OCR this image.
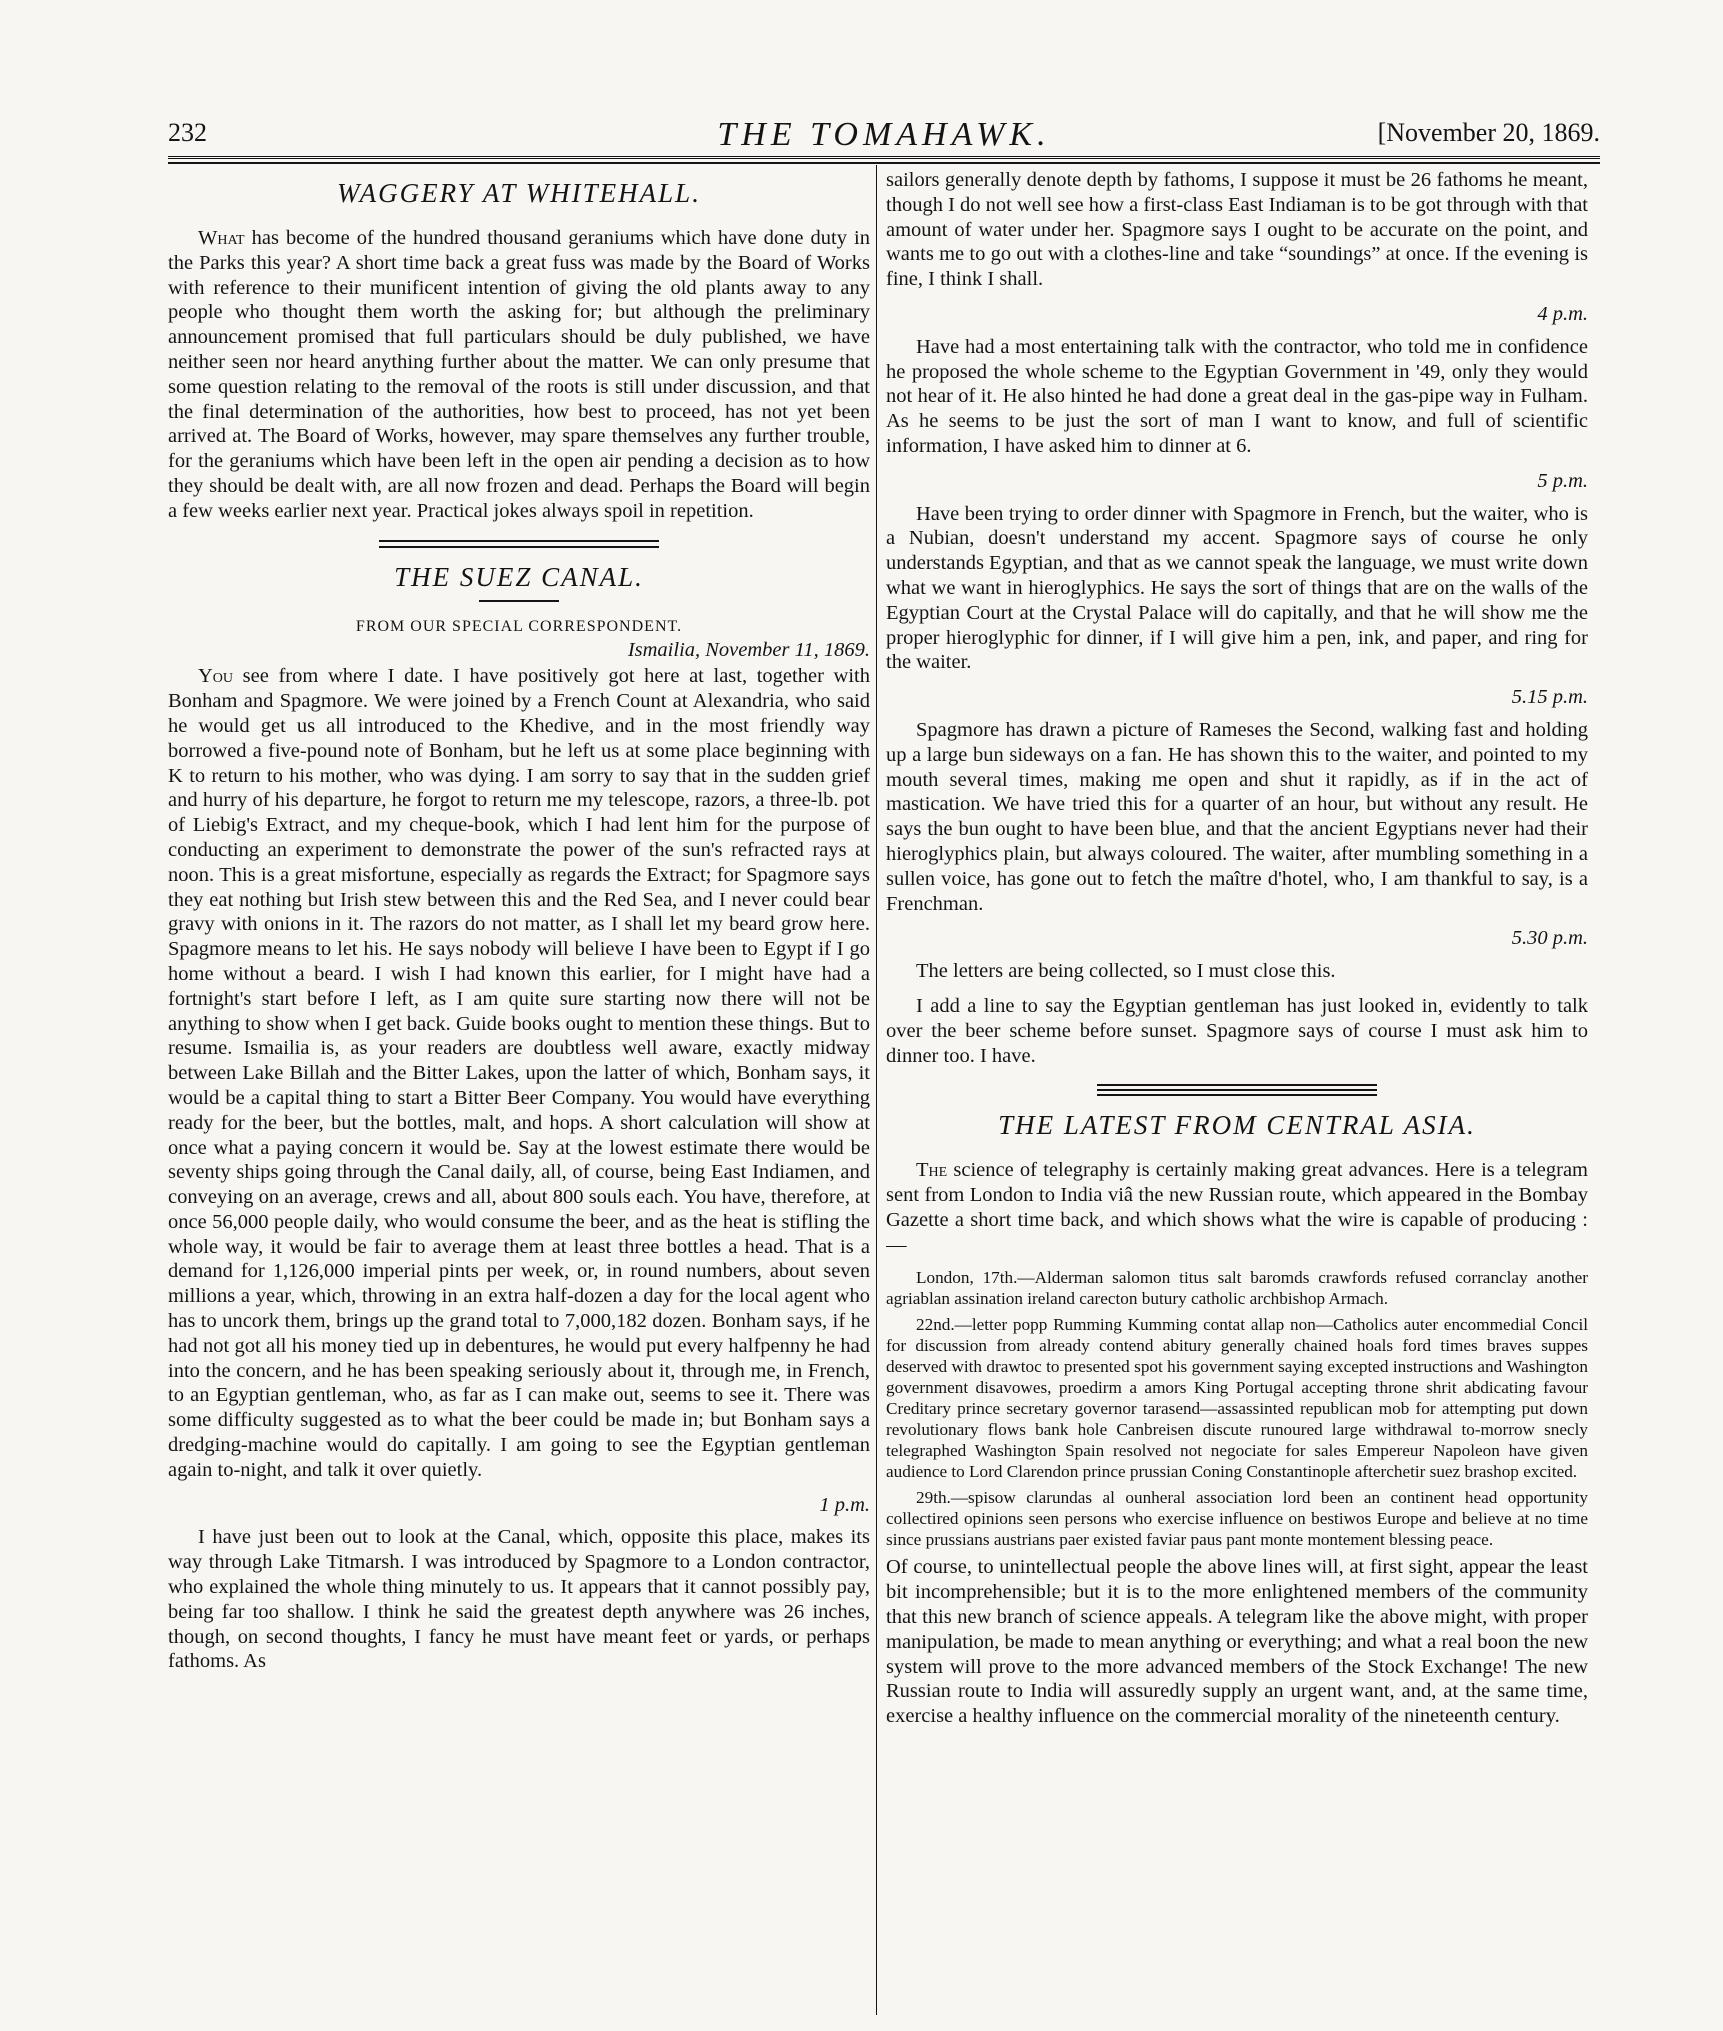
232	THE TOMAHAWK.	[November 20, 1869.
WAGGERY AT WHITEHALL.

What has become of the hundred thousand geraniums which have done duty in the Parks this year? A short time back a great fuss was made by the Board of Works with reference to their munificent intention of giving the old plants away to any people who thought them worth the asking for; but although the preliminary announcement promised that full particulars should be duly published, we have neither seen nor heard anything further about the matter. We can only presume that some question relating to the removal of the roots is still under discussion, and that the final determination of the authorities, how best to proceed, has not yet been arrived at. The Board of Works, however, may spare themselves any further trouble, for the geraniums which have been left in the open air pending a decision as to how they should be dealt with, are all now frozen and dead. Perhaps the Board will begin a few weeks earlier next year. Practical jokes always spoil in repetition.

THE SUEZ CANAL.
FROM OUR SPECIAL CORRESPONDENT.
Ismailia, November 11, 1869.

You see from where I date. I have positively got here at last, together with Bonham and Spagmore. We were joined by a French Count at Alexandria, who said he would get us all introduced to the Khedive, and in the most friendly way borrowed a five-pound note of Bonham, but he left us at some place beginning with K to return to his mother, who was dying. I am sorry to say that in the sudden grief and hurry of his departure, he forgot to return me my telescope, razors, a three-lb. pot of Liebig's Extract, and my cheque-book, which I had lent him for the purpose of conducting an experiment to demonstrate the power of the sun's refracted rays at noon. This is a great misfortune, especially as regards the Extract; for Spagmore says they eat nothing but Irish stew between this and the Red Sea, and I never could bear gravy with onions in it. The razors do not matter, as I shall let my beard grow here. Spagmore means to let his. He says nobody will believe I have been to Egypt if I go home without a beard. I wish I had known this earlier, for I might have had a fortnight's start before I left, as I am quite sure starting now there will not be anything to show when I get back. Guide books ought to mention these things. But to resume. Ismailia is, as your readers are doubtless well aware, exactly midway between Lake Billah and the Bitter Lakes, upon the latter of which, Bonham says, it would be a capital thing to start a Bitter Beer Company. You would have everything ready for the beer, but the bottles, malt, and hops. A short calculation will show at once what a paying concern it would be. Say at the lowest estimate there would be seventy ships going through the Canal daily, all, of course, being East Indiamen, and conveying on an average, crews and all, about 800 souls each. You have, therefore, at once 56,000 people daily, who would consume the beer, and as the heat is stifling the whole way, it would be fair to average them at least three bottles a head. That is a demand for 1,126,000 imperial pints per week, or, in round numbers, about seven millions a year, which, throwing in an extra half-dozen a day for the local agent who has to uncork them, brings up the grand total to 7,000,182 dozen. Bonham says, if he had not got all his money tied up in debentures, he would put every halfpenny he had into the concern, and he has been speaking seriously about it, through me, in French, to an Egyptian gentleman, who, as far as I can make out, seems to see it. There was some difficulty suggested as to what the beer could be made in; but Bonham says a dredging-machine would do capitally. I am going to see the Egyptian gentleman again to-night, and talk it over quietly.

1 p.m.

I have just been out to look at the Canal, which, opposite this place, makes its way through Lake Titmarsh. I was introduced by Spagmore to a London contractor, who explained the whole thing minutely to us. It appears that it cannot possibly pay, being far too shallow. I think he said the greatest depth anywhere was 26 inches, though, on second thoughts, I fancy he must have meant feet or yards, or perhaps fathoms. As

sailors generally denote depth by fathoms, I suppose it must be 26 fathoms he meant, though I do not well see how a first-class East Indiaman is to be got through with that amount of water under her. Spagmore says I ought to be accurate on the point, and wants me to go out with a clothes-line and take “soundings” at once. If the evening is fine, I think I shall.

4 p.m.

Have had a most entertaining talk with the contractor, who told me in confidence he proposed the whole scheme to the Egyptian Government in '49, only they would not hear of it. He also hinted he had done a great deal in the gas-pipe way in Fulham. As he seems to be just the sort of man I want to know, and full of scientific information, I have asked him to dinner at 6.

5 p.m.

Have been trying to order dinner with Spagmore in French, but the waiter, who is a Nubian, doesn't understand my accent. Spagmore says of course he only understands Egyptian, and that as we cannot speak the language, we must write down what we want in hieroglyphics. He says the sort of things that are on the walls of the Egyptian Court at the Crystal Palace will do capitally, and that he will show me the proper hieroglyphic for dinner, if I will give him a pen, ink, and paper, and ring for the waiter.

5.15 p.m.

Spagmore has drawn a picture of Rameses the Second, walking fast and holding up a large bun sideways on a fan. He has shown this to the waiter, and pointed to my mouth several times, making me open and shut it rapidly, as if in the act of mastication. We have tried this for a quarter of an hour, but without any result. He says the bun ought to have been blue, and that the ancient Egyptians never had their hieroglyphics plain, but always coloured. The waiter, after mumbling something in a sullen voice, has gone out to fetch the maître d'hotel, who, I am thankful to say, is a Frenchman.

5.30 p.m.

The letters are being collected, so I must close this.

I add a line to say the Egyptian gentleman has just looked in, evidently to talk over the beer scheme before sunset. Spagmore says of course I must ask him to dinner too. I have.

THE LATEST FROM CENTRAL ASIA.

The science of telegraphy is certainly making great advances. Here is a telegram sent from London to India viâ the new Russian route, which appeared in the Bombay Gazette a short time back, and which shows what the wire is capable of producing :—

London, 17th.—Alderman salomon titus salt baromds crawfords refused corranclay another agriablan assination ireland carecton butury catholic archbishop Armach.

22nd.—letter popp Rumming Kumming contat allap non—Catholics auter encommedial Concil for discussion from already contend abitury generally chained hoals ford times braves suppes deserved with drawtoc to presented spot his government saying excepted instructions and Washington government disavowes, proedirm a amors King Portugal accepting throne shrit abdicating favour Creditary prince secretary governor tarasend—assassinted republican mob for attempting put down revolutionary flows bank hole Canbreisen discute runoured large withdrawal to-morrow snecly telegraphed Washington Spain resolved not negociate for sales Empereur Napoleon have given audience to Lord Clarendon prince prussian Coning Constantinople afterchetir suez brashop excited.

29th.—spisow clarundas al ounheral association lord been an continent head opportunity collectired opinions seen persons who exercise influence on bestiwos Europe and believe at no time since prussians austrians paer existed faviar paus pant monte montement blessing peace.

Of course, to unintellectual people the above lines will, at first sight, appear the least bit incomprehensible; but it is to the more enlightened members of the community that this new branch of science appeals. A telegram like the above might, with proper manipulation, be made to mean anything or everything; and what a real boon the new system will prove to the more advanced members of the Stock Exchange! The new Russian route to India will assuredly supply an urgent want, and, at the same time, exercise a healthy influence on the commercial morality of the nineteenth century.
